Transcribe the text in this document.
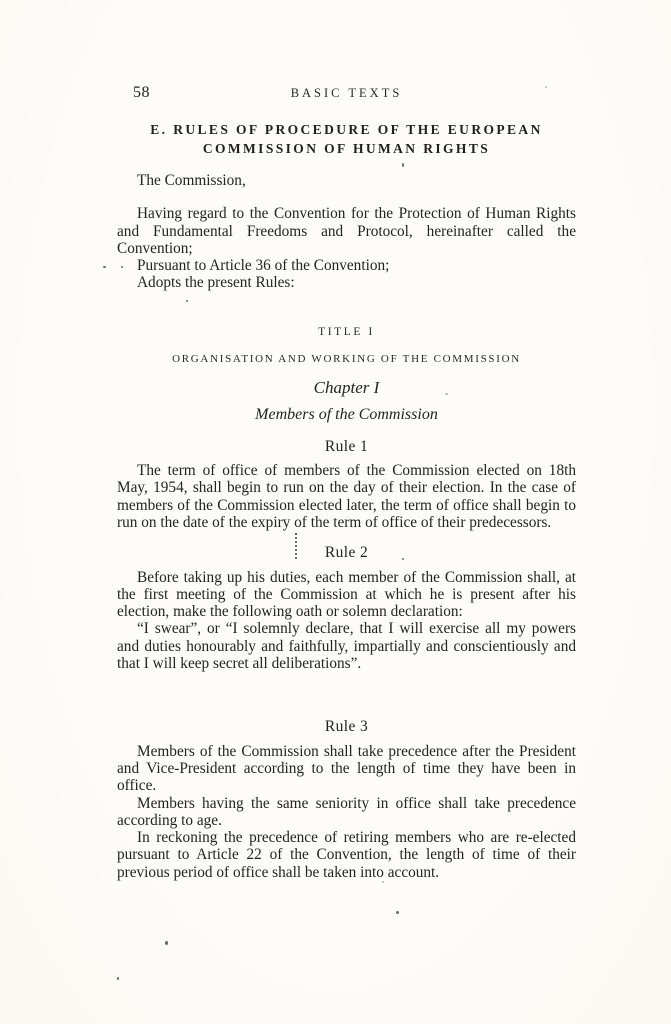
58	BASIC TEXTS
E. RULES OF PROCEDURE OF THE EUROPEAN
COMMISSION OF HUMAN RIGHTS

The Commission,

Having regard to the Convention for the Protection of Human Rights and Fundamental Freedoms and Protocol, hereinafter called the Convention;

Pursuant to Article 36 of the Convention;

Adopts the present Rules:

TITLE I
ORGANISATION AND WORKING OF THE COMMISSION
Chapter I
Members of the Commission

Rule 1

The term of office of members of the Commission elected on 18th May, 1954, shall begin to run on the day of their election. In the case of members of the Commission elected later, the term of office shall begin to run on the date of the expiry of the term of office of their predecessors.

Rule 2

Before taking up his duties, each member of the Commission shall, at the first meeting of the Commission at which he is present after his election, make the following oath or solemn declaration:

“I swear”, or “I solemnly declare, that I will exercise all my powers and duties honourably and faithfully, impartially and conscientiously and that I will keep secret all deliberations”.

Rule 3

Members of the Commission shall take precedence after the President and Vice-President according to the length of time they have been in office.

Members having the same seniority in office shall take precedence according to age.

In reckoning the precedence of retiring members who are re-elected pursuant to Article 22 of the Convention, the length of time of their previous period of office shall be taken into account.
